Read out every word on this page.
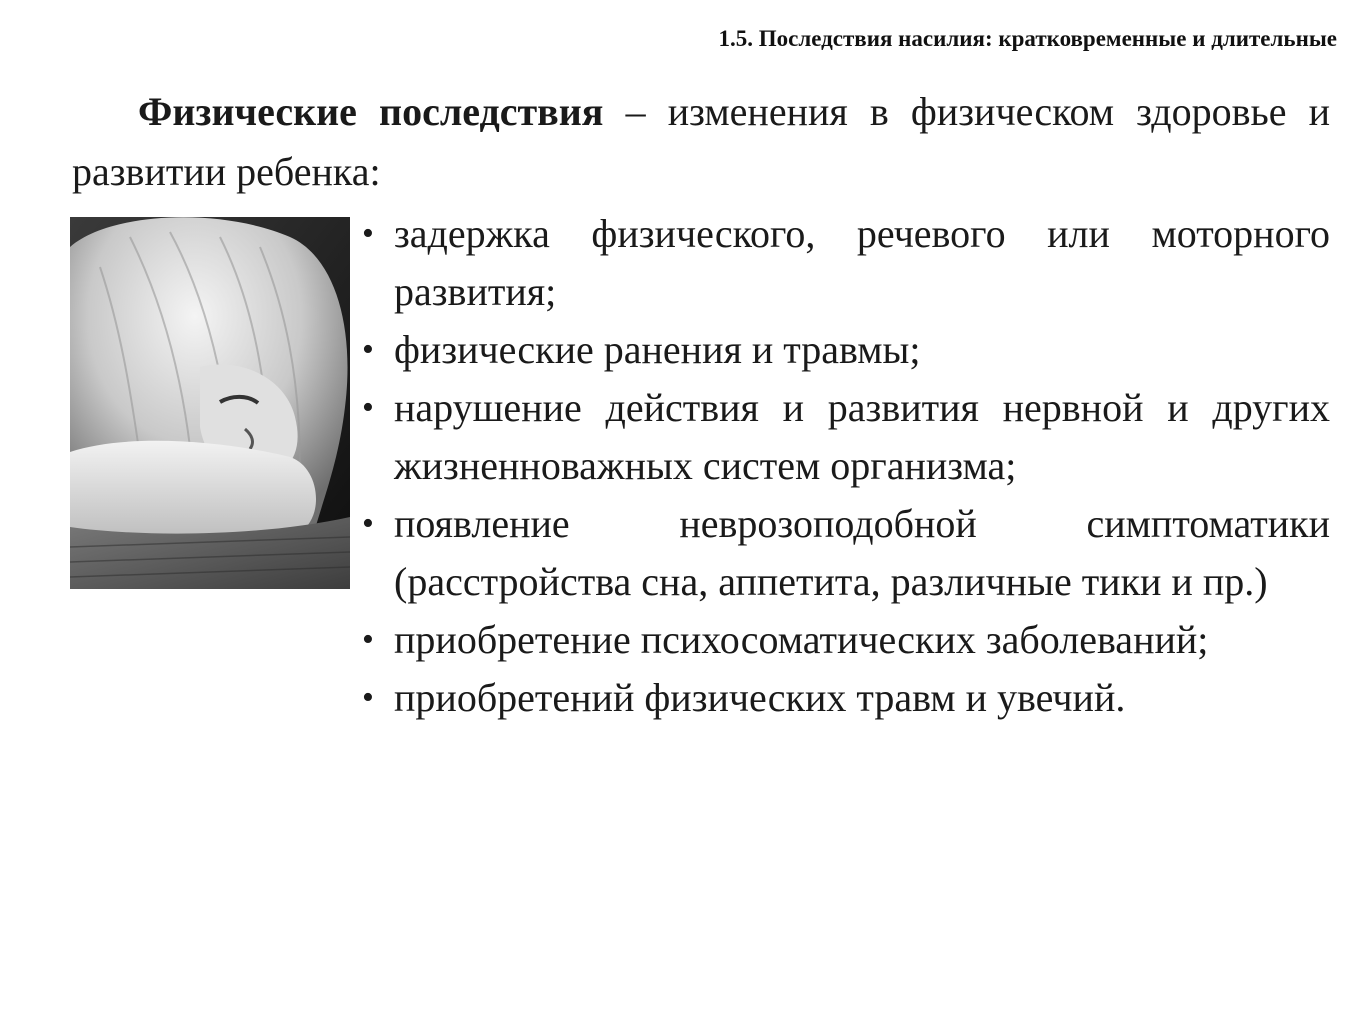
1.5. Последствия насилия: кратковременные и длительные

Физические последствия – изменения в физическом здоровье и развитии ребенка:

• задержка физического, речевого или моторного развития;
• физические ранения и травмы;
• нарушение действия и развития нервной и других жизненноважных систем организма;
• появление неврозоподобной симптоматики (расстройства сна, аппетита, различные тики и пр.)
• приобретение психосоматических заболеваний;
• приобретений физических травм и увечий.
